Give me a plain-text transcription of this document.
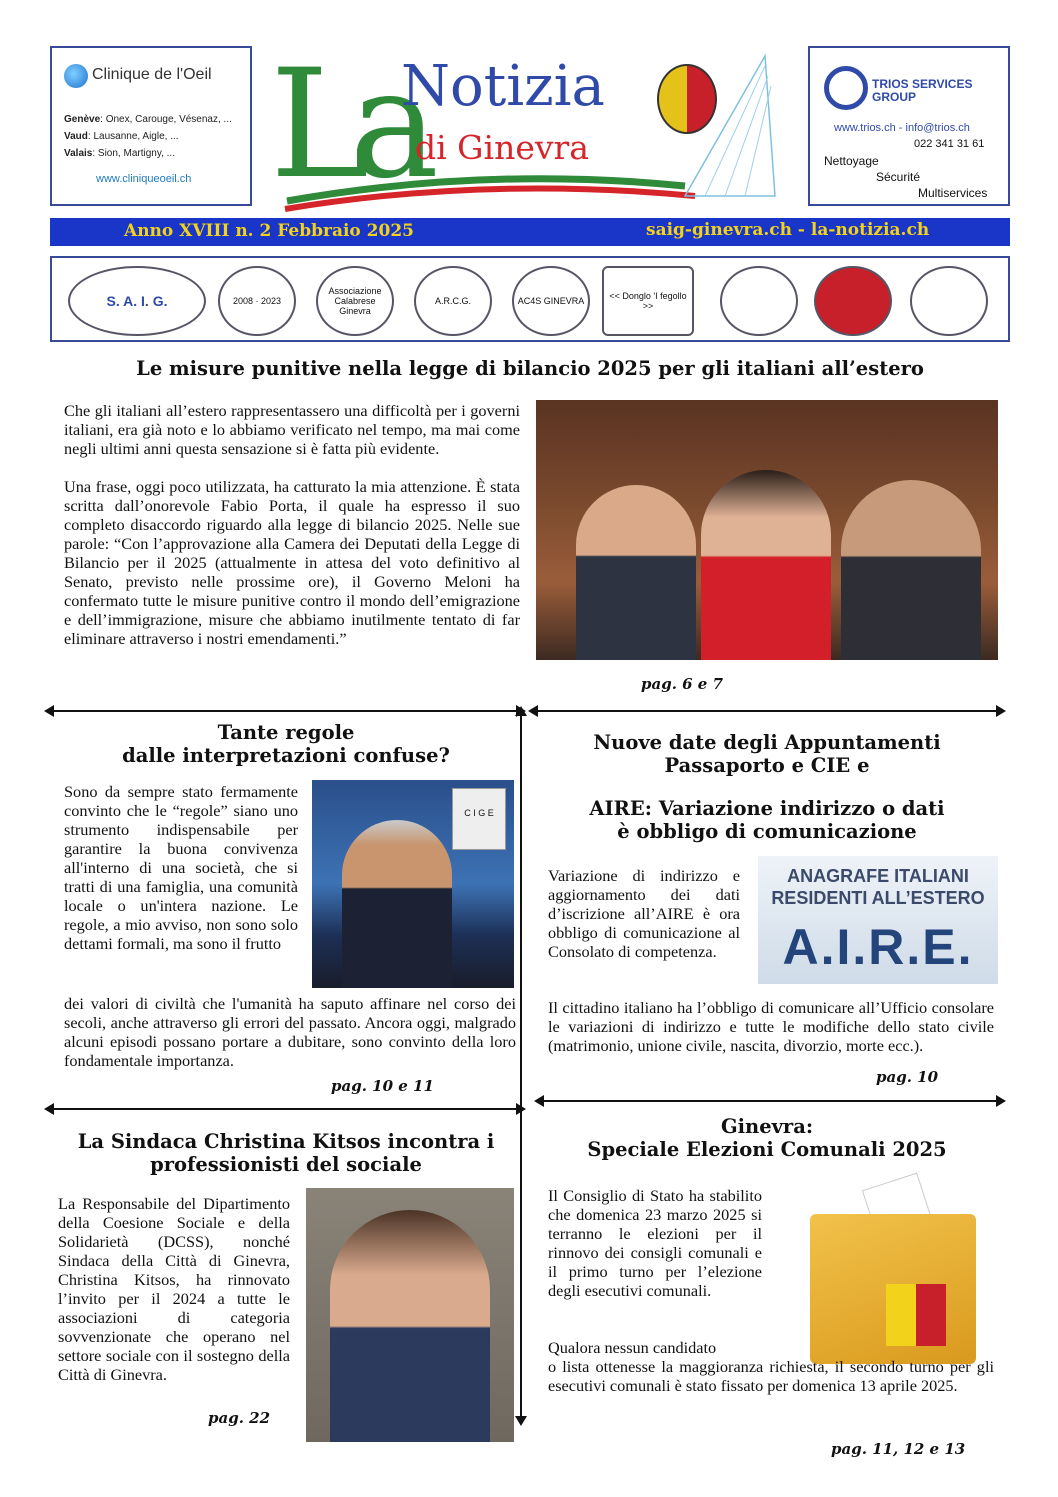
Clinique de l'Oeil
Genève: Onex, Carouge, Vésenaz, ...
Vaud: Lausanne, Aigle, ...
Valais: Sion, Martigny, ...
www.cliniqueoeil.ch La
Notizia
di Ginevra
TRIOS SERVICES
GROUP
www.trios.ch - info@trios.ch
022 341 31 61
Nettoyage
Sécurité
Multiservices
Anno XVIII n. 2 Febbraio 2025	saig-ginevra.ch - la-notizia.ch
S. A. I. G.	2008 · 2023
Associazione Calabrese Ginevra
A.R.C.G.	AC4S GINEVRA	<< Donglo 'I fegollo >>
Le misure punitive nella legge di bilancio 2025 per gli italiani all’estero

Che gli italiani all’estero rappresentassero una difficoltà per i governi italiani, era già noto e lo abbiamo verificato nel tempo, ma mai come negli ultimi anni questa sensazione si è fatta più evidente.

Una frase, oggi poco utilizzata, ha catturato la mia attenzione. È stata scritta dall’onorevole Fabio Porta, il quale ha espresso il suo completo disaccordo riguardo alla legge di bilancio 2025. Nelle sue parole: “Con l’approvazione alla Camera dei Deputati della Legge di Bilancio per il 2025 (attualmente in attesa del voto definitivo al Senato, previsto nelle prossime ore), il Governo Meloni ha confermato tutte le misure punitive contro il mondo dell’emigrazione e dell’immigrazione, misure che abbiamo inutilmente tentato di far eliminare attraverso i nostri emendamenti.”

pag. 6 e 7
Tante regole
dalle interpretazioni confuse?
Sono da sempre stato fermamente convinto che le “regole” siano uno strumento indispensabile per garantire la buona convivenza all'interno di una società, che si tratti di una famiglia, una comunità locale o un'intera nazione. Le regole, a mio avviso, non sono solo dettami formali, ma sono il frutto
C I G E
dei valori di civiltà che l'umanità ha saputo affinare nel corso dei secoli, anche attraverso gli errori del passato. Ancora oggi, malgrado alcuni episodi possano portare a dubitare, sono convinto della loro fondamentale importanza.
pag. 10 e 11
Nuove date degli Appuntamenti
Passaporto e CIE e
AIRE: Variazione indirizzo o dati
è obbligo di comunicazione
Variazione di indirizzo e aggiornamento dei dati d’iscrizione all’AIRE è ora obbligo di comunicazione al Consolato di competenza.
ANAGRAFE ITALIANI
RESIDENTI ALL’ESTERO
A.I.R.E.
Il cittadino italiano ha l’obbligo di comunicare all’Ufficio consolare le variazioni di indirizzo e tutte le modifiche dello stato civile (matrimonio, unione civile, nascita, divorzio, morte ecc.).
pag. 10
La Sindaca Christina Kitsos incontra i
professionisti del sociale
La Responsabile del Dipartimento della Coesione Sociale e della Solidarietà (DCSS), nonché Sindaca della Città di Ginevra, Christina Kitsos, ha rinnovato l’invito per il 2024 a tutte le associazioni di categoria sovvenzionate che operano nel settore sociale con il sostegno della Città di Ginevra.
pag. 22
Ginevra:
Speciale Elezioni Comunali 2025
Il Consiglio di Stato ha stabilito che domenica 23 marzo 2025 si terranno le elezioni per il rinnovo dei consigli comunali e il primo turno per l’elezione degli esecutivi comunali.
Qualora nessun candidato
o lista ottenesse la maggioranza richiesta, il secondo turno per gli esecutivi comunali è stato fissato per domenica 13 aprile 2025.
pag. 11, 12 e 13
